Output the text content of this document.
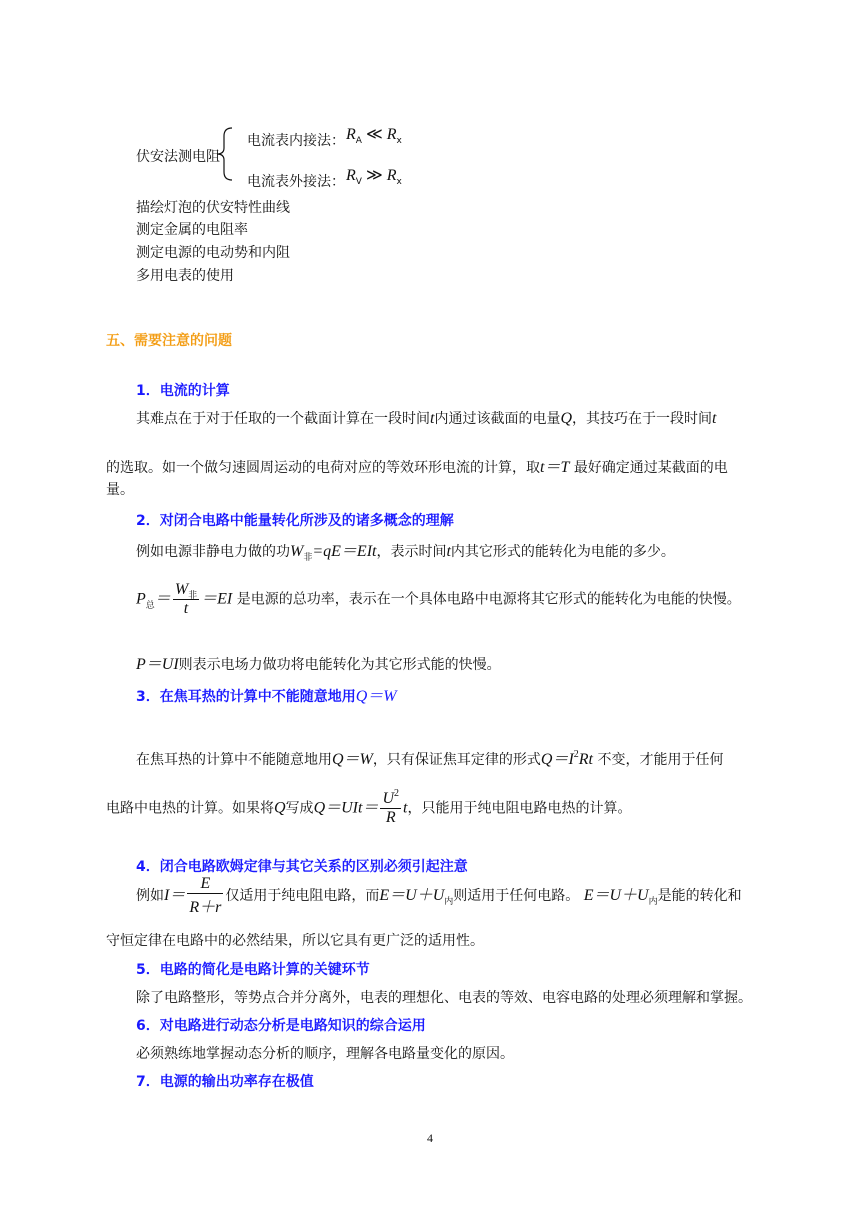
伏安法测电阻
电流表内接法： $R_A$ ≪ $R_x$
电流表外接法： $R_V$ ≫ $R_x$
描绘灯泡的伏安特性曲线
测定金属的电阻率
测定电源的电动势和内阻
多用电表的使用
五、需要注意的问题
1．电流的计算
其难点在于对于任取的一个截面计算在一段时间t内通过该截面的电量Q，其技巧在于一段时间t
的选取。如一个做匀速圆周运动的电荷对应的等效环形电流的计算，取t＝T 最好确定通过某截面的电
量。
2．对闭合电路中能量转化所涉及的诸多概念的理解
例如电源非静电力做的功$W_非=qE=EIt$，表示时间t内其它形式的能转化为电能的多少。
$P_总= \frac{W_非}{t} =EI$ 是电源的总功率，表示在一个具体电路中电源将其它形式的能转化为电能的快慢。
P＝UI则表示电场力做功将电能转化为其它形式能的快慢。
3．在焦耳热的计算中不能随意地用Q＝W
在焦耳热的计算中不能随意地用Q＝W，只有保证焦耳定律的形式$Q=I^2Rt$ 不变，才能用于任何
电路中电热的计算。如果将Q写成$Q=UIt= \frac{U^2}{R}$ t，只能用于纯电阻电路电热的计算。
4．闭合电路欧姆定律与其它关系的区别必须引起注意
例如$I= \frac{E}{R+r}$ 仅适用于纯电阻电路，而$E=U+U_内$则适用于任何电路。 $E=U+U_内$是能的转化和
守恒定律在电路中的必然结果，所以它具有更广泛的适用性。
5．电路的简化是电路计算的关键环节
除了电路整形，等势点合并分离外，电表的理想化、电表的等效、电容电路的处理必须理解和掌握。
6．对电路进行动态分析是电路知识的综合运用
必须熟练地掌握动态分析的顺序，理解各电路量变化的原因。
7．电源的输出功率存在极值
4
